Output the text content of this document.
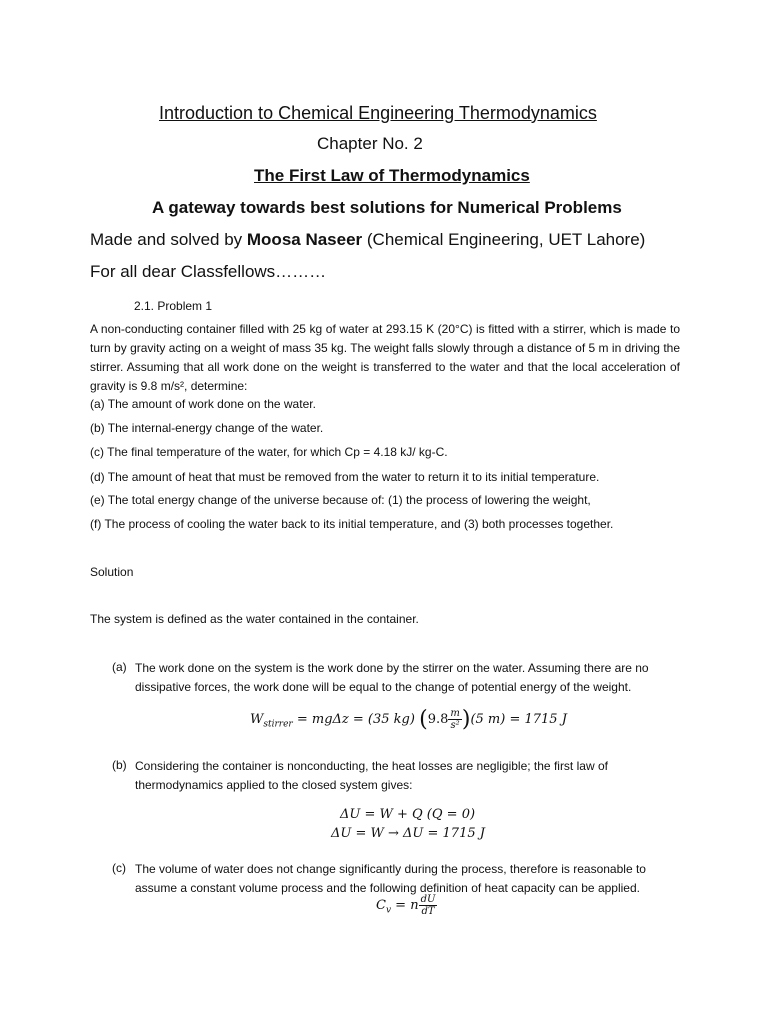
Introduction to Chemical Engineering Thermodynamics
Chapter No. 2
The First Law of Thermodynamics
A gateway towards best solutions for Numerical Problems
Made and solved by Moosa Naseer (Chemical Engineering, UET Lahore)
For all dear Classfellows………
2.1. Problem 1
A non-conducting container filled with 25 kg of water at 293.15 K (20°C) is fitted with a stirrer, which is made to turn by gravity acting on a weight of mass 35 kg. The weight falls slowly through a distance of 5 m in driving the stirrer. Assuming that all work done on the weight is transferred to the water and that the local acceleration of gravity is 9.8 m/s², determine:
(a) The amount of work done on the water.
(b) The internal-energy change of the water.
(c) The final temperature of the water, for which Cp = 4.18 kJ/ kg-C.
(d) The amount of heat that must be removed from the water to return it to its initial temperature.
(e) The total energy change of the universe because of: (1) the process of lowering the weight,
(f) The process of cooling the water back to its initial temperature, and (3) both processes together.
Solution
The system is defined as the water contained in the container.
(a) The work done on the system is the work done by the stirrer on the water. Assuming there are no dissipative forces, the work done will be equal to the change of potential energy of the weight.
$W_{stirrer} = mg\Delta z = (35$ kg) $(9.8 \frac{m}{\text{s²}} )(5$ m) = 1715 J
(b) Considering the container is nonconducting, the heat losses are negligible; the first law of thermodynamics applied to the closed system gives:
ΔU = W + Q (Q = 0)
ΔU = W → ΔU = 1715 J
(c) The volume of water does not change significantly during the process, therefore is reasonable to assume a constant volume process and the following definition of heat capacity can be applied.
$C_v = n \frac{dU}{dT}$
